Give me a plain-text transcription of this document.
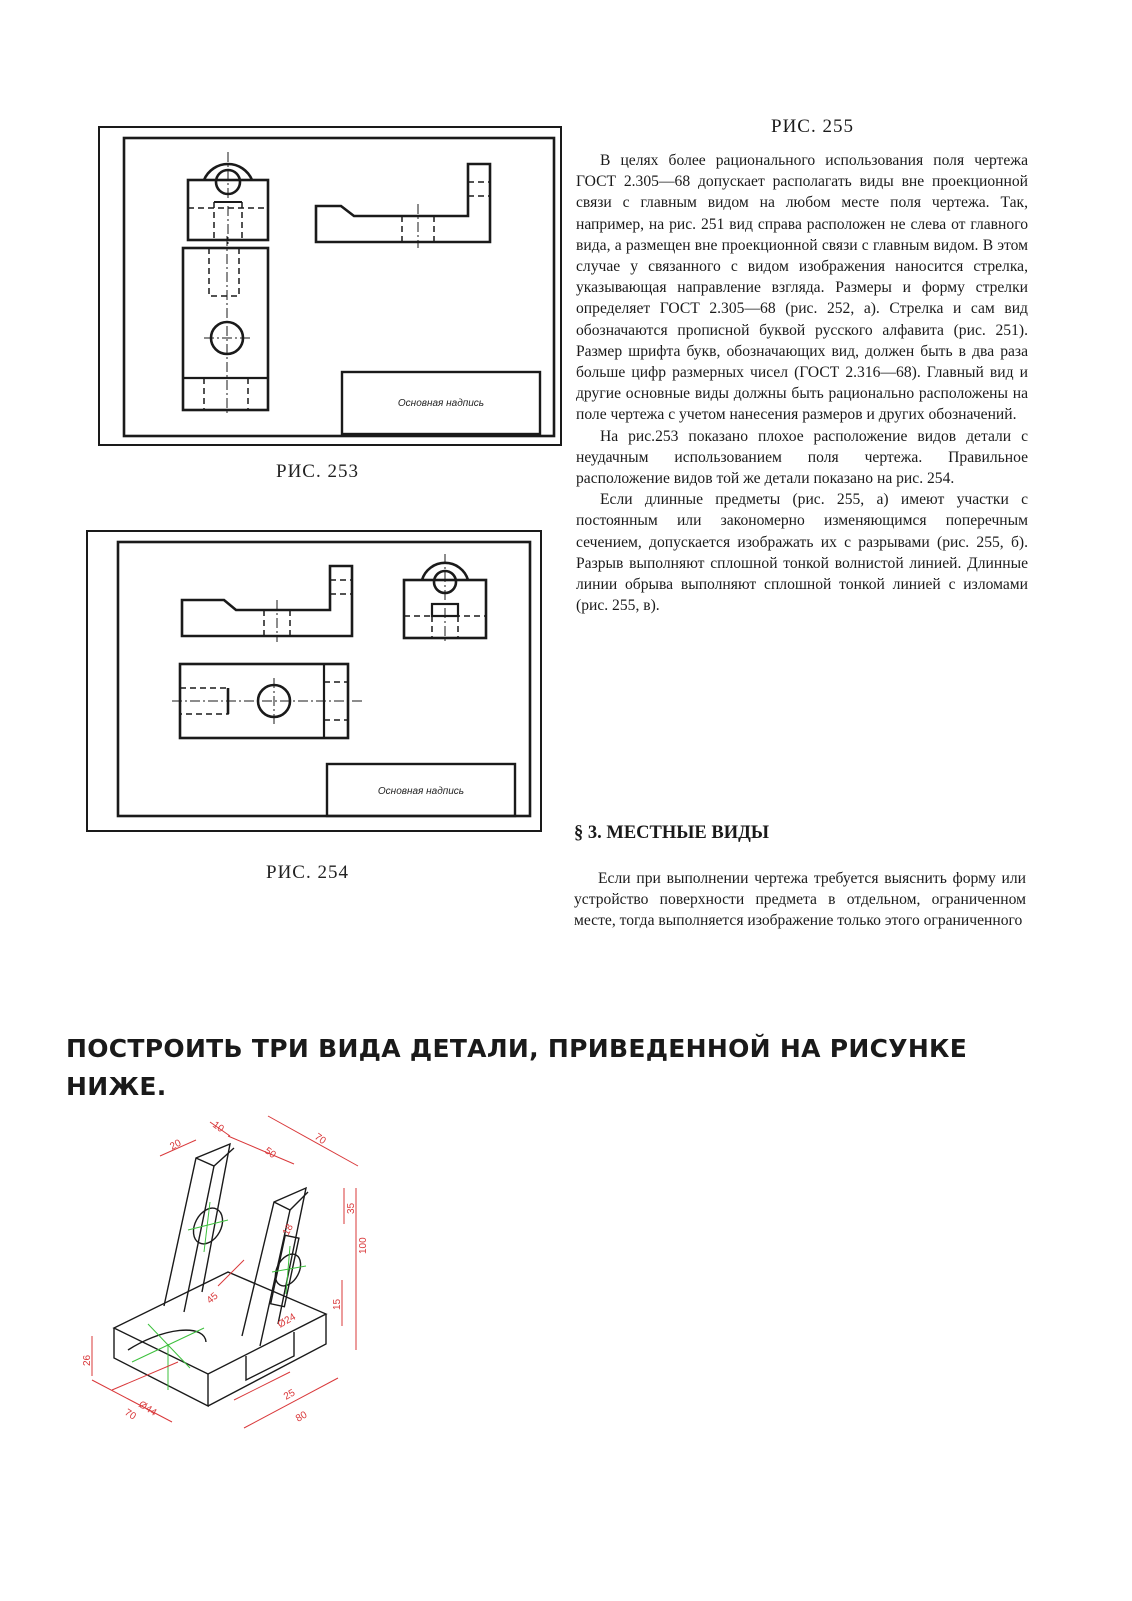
Основная надпись
РИС. 253
Основная надпись
РИС. 254
РИС. 255

В целях более рационального использования поля чертежа ГОСТ 2.305—68 допускает располагать виды вне проекционной связи с главным видом на любом месте поля чертежа. Так, например, на рис. 251 вид справа расположен не слева от главного вида, а размещен вне проекционной связи с главным видом. В этом случае у связанного с видом изображения наносится стрелка, указывающая направление взгляда. Размеры и форму стрелки определяет ГОСТ 2.305—68 (рис. 252, а). Стрелка и сам вид обозначаются прописной буквой русского алфавита (рис. 251). Размер шрифта букв, обозначающих вид, должен быть в два раза больше цифр размерных чисел (ГОСТ 2.316—68). Главный вид и другие основные виды должны быть рационально расположены на поле чертежа с учетом нанесения размеров и других обозначений.

На рис.253 показано плохое расположение видов детали с неудачным использованием поля чертежа. Правильное расположение видов той же детали показано на рис. 254.

Если длинные предметы (рис. 255, а) имеют участки с постоянным или закономерно изменяющимся поперечным сечением, допускается изображать их с разрывами (рис. 255, б). Разрыв выполняют сплошной тонкой волнистой линией. Длинные линии обрыва выполняют сплошной тонкой линией с изломами (рис. 255, в).

§ 3. МЕСТНЫЕ ВИДЫ

Если при выполнении чертежа требуется выяснить форму или устройство поверхности предмета в отдельном, ограниченном месте, тогда выполняется изображение только этого ограниченного

ПОСТРОИТЬ ТРИ ВИДА ДЕТАЛИ, ПРИВЕДЕННОЙ НА РИСУНКЕ НИЖЕ.
20
10
50
70
35
100
18
45	15
Ø24
26
Ø44
70
25
80
